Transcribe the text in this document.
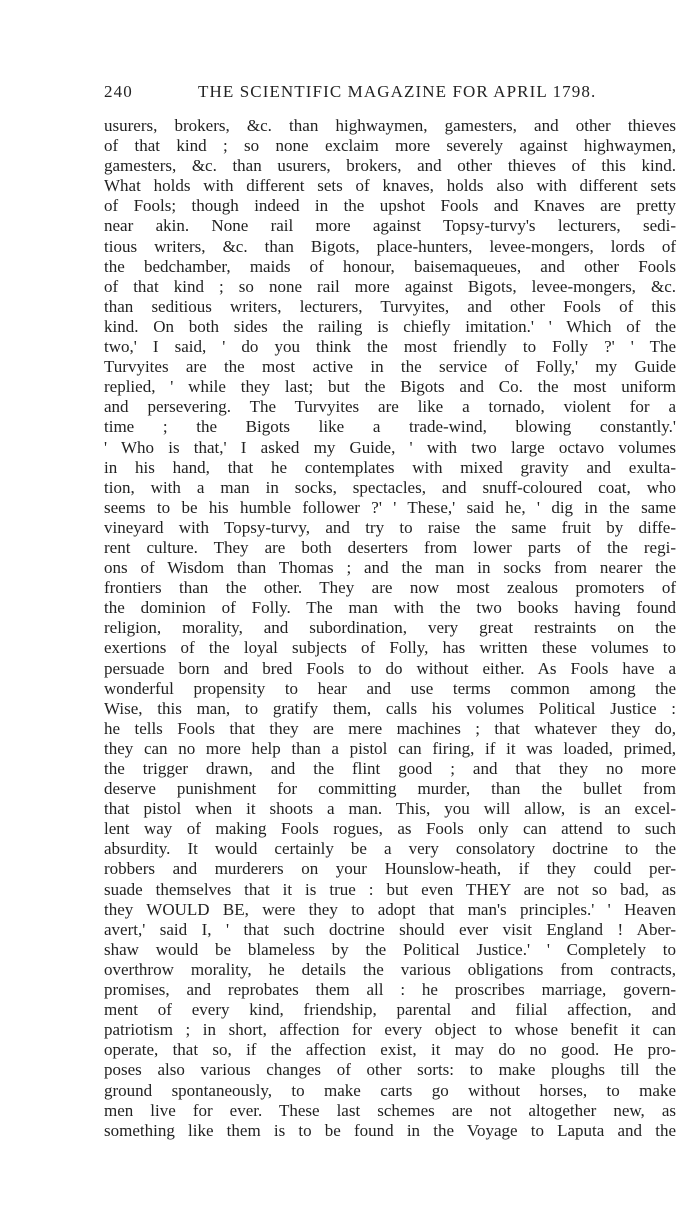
240	THE SCIENTIFIC MAGAZINE FOR APRIL 1798.
usurers, brokers, &c. than highwaymen, gamesters, and other thieves
of that kind ; so none exclaim more severely against highwaymen,
gamesters, &c. than usurers, brokers, and other thieves of this kind.
What holds with different sets of knaves, holds also with different sets
of Fools; though indeed in the upshot Fools and Knaves are pretty
near akin. None rail more against Topsy-turvy's lecturers, sedi-
tious writers, &c. than Bigots, place-hunters, levee-mongers, lords of
the bedchamber, maids of honour, baisemaqueues, and other Fools
of that kind ; so none rail more against Bigots, levee-mongers, &c.
than seditious writers, lecturers, Turvyites, and other Fools of this
kind. On both sides the railing is chiefly imitation.' ' Which of the
two,' I said, ' do you think the most friendly to Folly ?' ' The
Turvyites are the most active in the service of Folly,' my Guide
replied, ' while they last; but the Bigots and Co. the most uniform
and persevering. The Turvyites are like a tornado, violent for a
time ; the Bigots like a trade-wind, blowing constantly.'
' Who is that,' I asked my Guide, ' with two large octavo volumes
in his hand, that he contemplates with mixed gravity and exulta-
tion, with a man in socks, spectacles, and snuff-coloured coat, who
seems to be his humble follower ?' ' These,' said he, ' dig in the same
vineyard with Topsy-turvy, and try to raise the same fruit by diffe-
rent culture. They are both deserters from lower parts of the regi-
ons of Wisdom than Thomas ; and the man in socks from nearer the
frontiers than the other. They are now most zealous promoters of
the dominion of Folly. The man with the two books having found
religion, morality, and subordination, very great restraints on the
exertions of the loyal subjects of Folly, has written these volumes to
persuade born and bred Fools to do without either. As Fools have a
wonderful propensity to hear and use terms common among the
Wise, this man, to gratify them, calls his volumes Political Justice :
he tells Fools that they are mere machines ; that whatever they do,
they can no more help than a pistol can firing, if it was loaded, primed,
the trigger drawn, and the flint good ; and that they no more
deserve punishment for committing murder, than the bullet from
that pistol when it shoots a man. This, you will allow, is an excel-
lent way of making Fools rogues, as Fools only can attend to such
absurdity. It would certainly be a very consolatory doctrine to the
robbers and murderers on your Hounslow-heath, if they could per-
suade themselves that it is true : but even THEY are not so bad, as
they WOULD BE, were they to adopt that man's principles.' ' Heaven
avert,' said I, ' that such doctrine should ever visit England ! Aber-
shaw would be blameless by the Political Justice.' ' Completely to
overthrow morality, he details the various obligations from contracts,
promises, and reprobates them all : he proscribes marriage, govern-
ment of every kind, friendship, parental and filial affection, and
patriotism ; in short, affection for every object to whose benefit it can
operate, that so, if the affection exist, it may do no good. He pro-
poses also various changes of other sorts: to make ploughs till the
ground spontaneously, to make carts go without horses, to make
men live for ever. These last schemes are not altogether new, as
something like them is to be found in the Voyage to Laputa and the
